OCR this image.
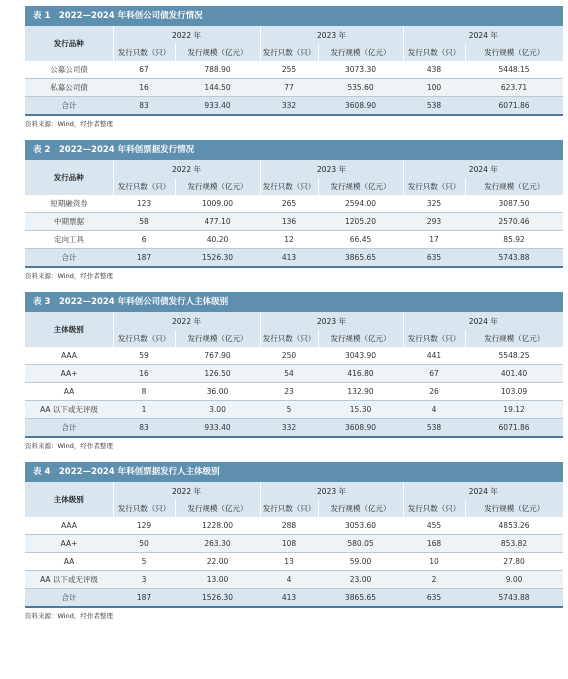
表 1　2022—2024 年科创公司债发行情况
发行品种	2022 年		2023 年		2024 年	
	发行只数（只）	发行规模（亿元）	发行只数（只）	发行规模（亿元）	发行只数（只）	发行规模（亿元）
公募公司债	67	788.90	255	3073.30	438	5448.15
私募公司债	16	144.50	77	535.60	100	623.71
合计	83	933.40	332	3608.90	538	6071.86
资料来源：Wind，经作者整理
表 2　2022—2024 年科创票据发行情况
发行品种	2022 年		2023 年		2024 年	
	发行只数（只）	发行规模（亿元）	发行只数（只）	发行规模（亿元）	发行只数（只）	发行规模（亿元）
短期融资券	123	1009.00	265	2594.00	325	3087.50
中期票据	58	477.10	136	1205.20	293	2570.46
定向工具	6	40.20	12	66.45	17	85.92
合计	187	1526.30	413	3865.65	635	5743.88
资料来源：Wind，经作者整理
表 3　2022—2024 年科创公司债发行人主体级别
主体级别	2022 年		2023 年		2024 年	
	发行只数（只）	发行规模（亿元）	发行只数（只）	发行规模（亿元）	发行只数（只）	发行规模（亿元）
AAA	59	767.90	250	3043.90	441	5548.25
AA+	16	126.50	54	416.80	67	401.40
AA	8	36.00	23	132.90	26	103.09
AA 以下或无评级	1	3.00	5	15.30	4	19.12
合计	83	933.40	332	3608.90	538	6071.86
资料来源：Wind，经作者整理
表 4　2022—2024 年科创票据发行人主体级别
主体级别	2022 年		2023 年		2024 年	
	发行只数（只）	发行规模（亿元）	发行只数（只）	发行规模（亿元）	发行只数（只）	发行规模（亿元）
AAA	129	1228.00	288	3053.60	455	4853.26
AA+	50	263.30	108	580.05	168	853.82
AA	5	22.00	13	59.00	10	27.80
AA 以下或无评级	3	13.00	4	23.00	2	9.00
合计	187	1526.30	413	3865.65	635	5743.88
资料来源：Wind，经作者整理
